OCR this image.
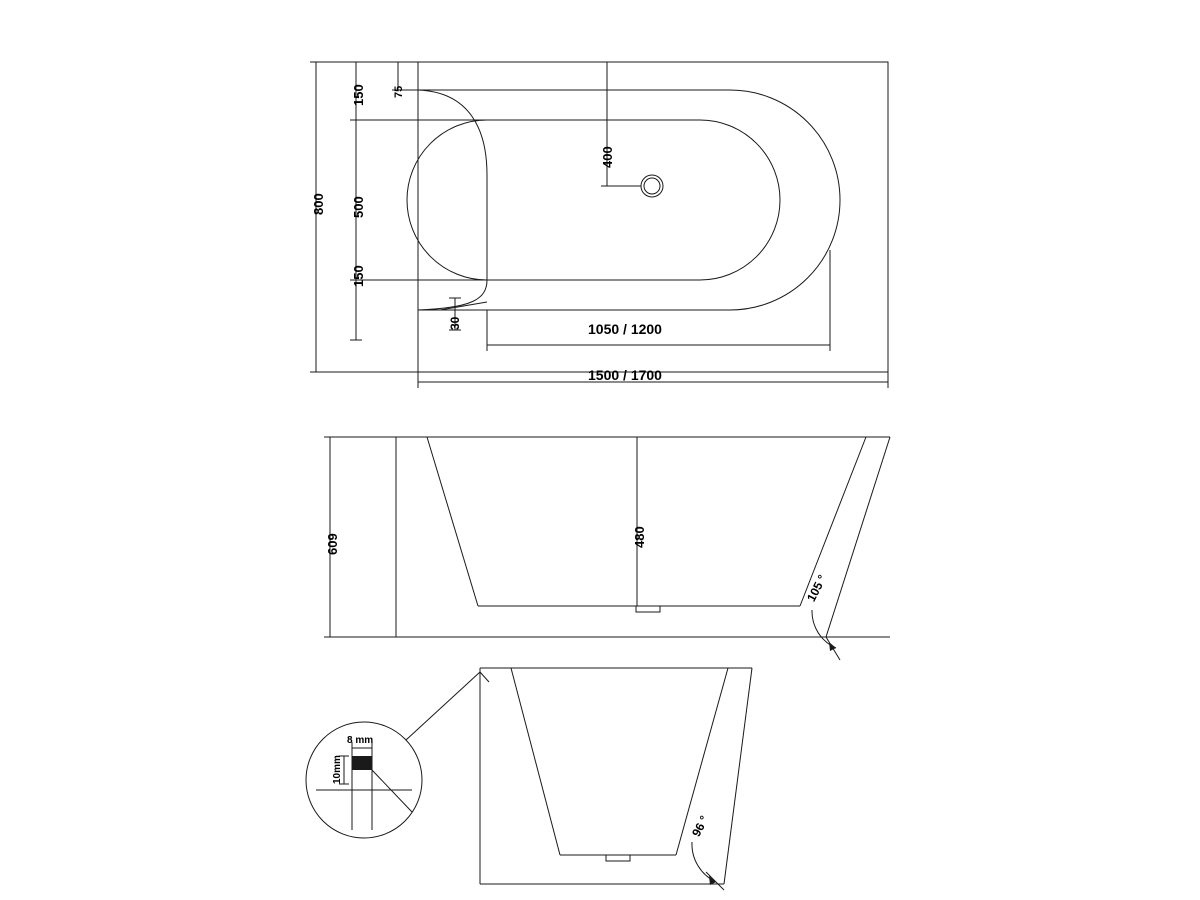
800
150 75
500
150
30
400
1050 / 1200
1500 / 1700
609	480
105 °
96 °
8 mm
10mm
